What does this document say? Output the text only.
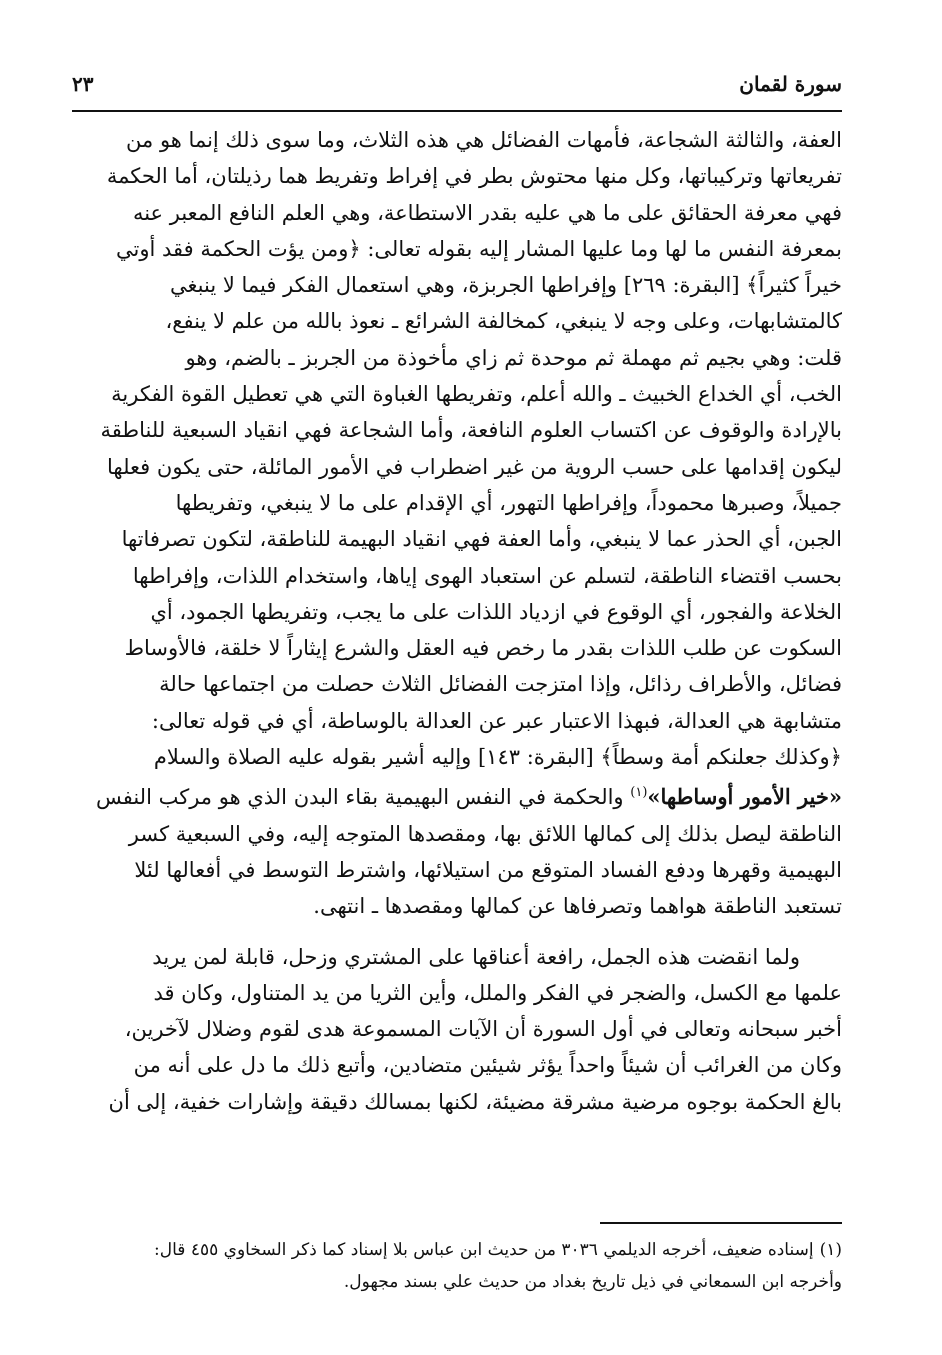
سورة لقمان
٢٣

العفة، والثالثة الشجاعة، فأمهات الفضائل هي هذه الثلاث، وما سوى ذلك إنما هو من

تفريعاتها وتركيباتها، وكل منها محتوش بطر في إفراط وتفريط هما رذيلتان، أما الحكمة

فهي معرفة الحقائق على ما هي عليه بقدر الاستطاعة، وهي العلم النافع المعبر عنه

بمعرفة النفس ما لها وما عليها المشار إليه بقوله تعالى: ﴿ومن يؤت الحكمة فقد أوتي

خيراً كثيراً﴾ [البقرة: ٢٦٩] وإفراطها الجربزة، وهي استعمال الفكر فيما لا ينبغي

كالمتشابهات، وعلى وجه لا ينبغي، كمخالفة الشرائع ـ نعوذ بالله من علم لا ينفع،

قلت: وهي بجيم ثم مهملة ثم موحدة ثم زاي مأخوذة من الجربز ـ بالضم، وهو

الخب، أي الخداع الخبيث ـ والله أعلم، وتفريطها الغباوة التي هي تعطيل القوة الفكرية

بالإرادة والوقوف عن اكتساب العلوم النافعة، وأما الشجاعة فهي انقياد السبعية للناطقة

ليكون إقدامها على حسب الروية من غير اضطراب في الأمور المائلة، حتى يكون فعلها

جميلاً، وصبرها محموداً، وإفراطها التهور، أي الإقدام على ما لا ينبغي، وتفريطها

الجبن، أي الحذر عما لا ينبغي، وأما العفة فهي انقياد البهيمة للناطقة، لتكون تصرفاتها

بحسب اقتضاء الناطقة، لتسلم عن استعباد الهوى إياها، واستخدام اللذات، وإفراطها

الخلاعة والفجور، أي الوقوع في ازدياد اللذات على ما يجب، وتفريطها الجمود، أي

السكوت عن طلب اللذات بقدر ما رخص فيه العقل والشرع إيثاراً لا خلقة، فالأوساط

فضائل، والأطراف رذائل، وإذا امتزجت الفضائل الثلاث حصلت من اجتماعها حالة

متشابهة هي العدالة، فبهذا الاعتبار عبر عن العدالة بالوساطة، أي في قوله تعالى:

﴿وكذلك جعلنكم أمة وسطاً﴾ [البقرة: ١٤٣] وإليه أشير بقوله عليه الصلاة والسلام

«خير الأمور أوساطها»$^{(١)}$ والحكمة في النفس البهيمية بقاء البدن الذي هو مركب النفس

الناطقة ليصل بذلك إلى كمالها اللائق بها، ومقصدها المتوجه إليه، وفي السبعية كسر

البهيمية وقهرها ودفع الفساد المتوقع من استيلائها، واشترط التوسط في أفعالها لئلا

تستعبد الناطقة هواهما وتصرفاها عن كمالها ومقصدها ـ انتهى.

ولما انقضت هذه الجمل، رافعة أعناقها على المشتري وزحل، قابلة لمن يريد

علمها مع الكسل، والضجر في الفكر والملل، وأين الثريا من يد المتناول، وكان قد

أخبر سبحانه وتعالى في أول السورة أن الآيات المسموعة هدى لقوم وضلال لآخرين،

وكان من الغرائب أن شيئاً واحداً يؤثر شيئين متضادين، وأتبع ذلك ما دل على أنه من

بالغ الحكمة بوجوه مرضية مشرقة مضيئة، لكنها بمسالك دقيقة وإشارات خفية، إلى أن

(١)إسناده ضعيف، أخرجه الديلمي ٣٠٣٦ من حديث ابن عباس بلا إسناد كما ذكر السخاوي ٤٥٥ قال:

وأخرجه ابن السمعاني في ذيل تاريخ بغداد من حديث علي بسند مجهول.
